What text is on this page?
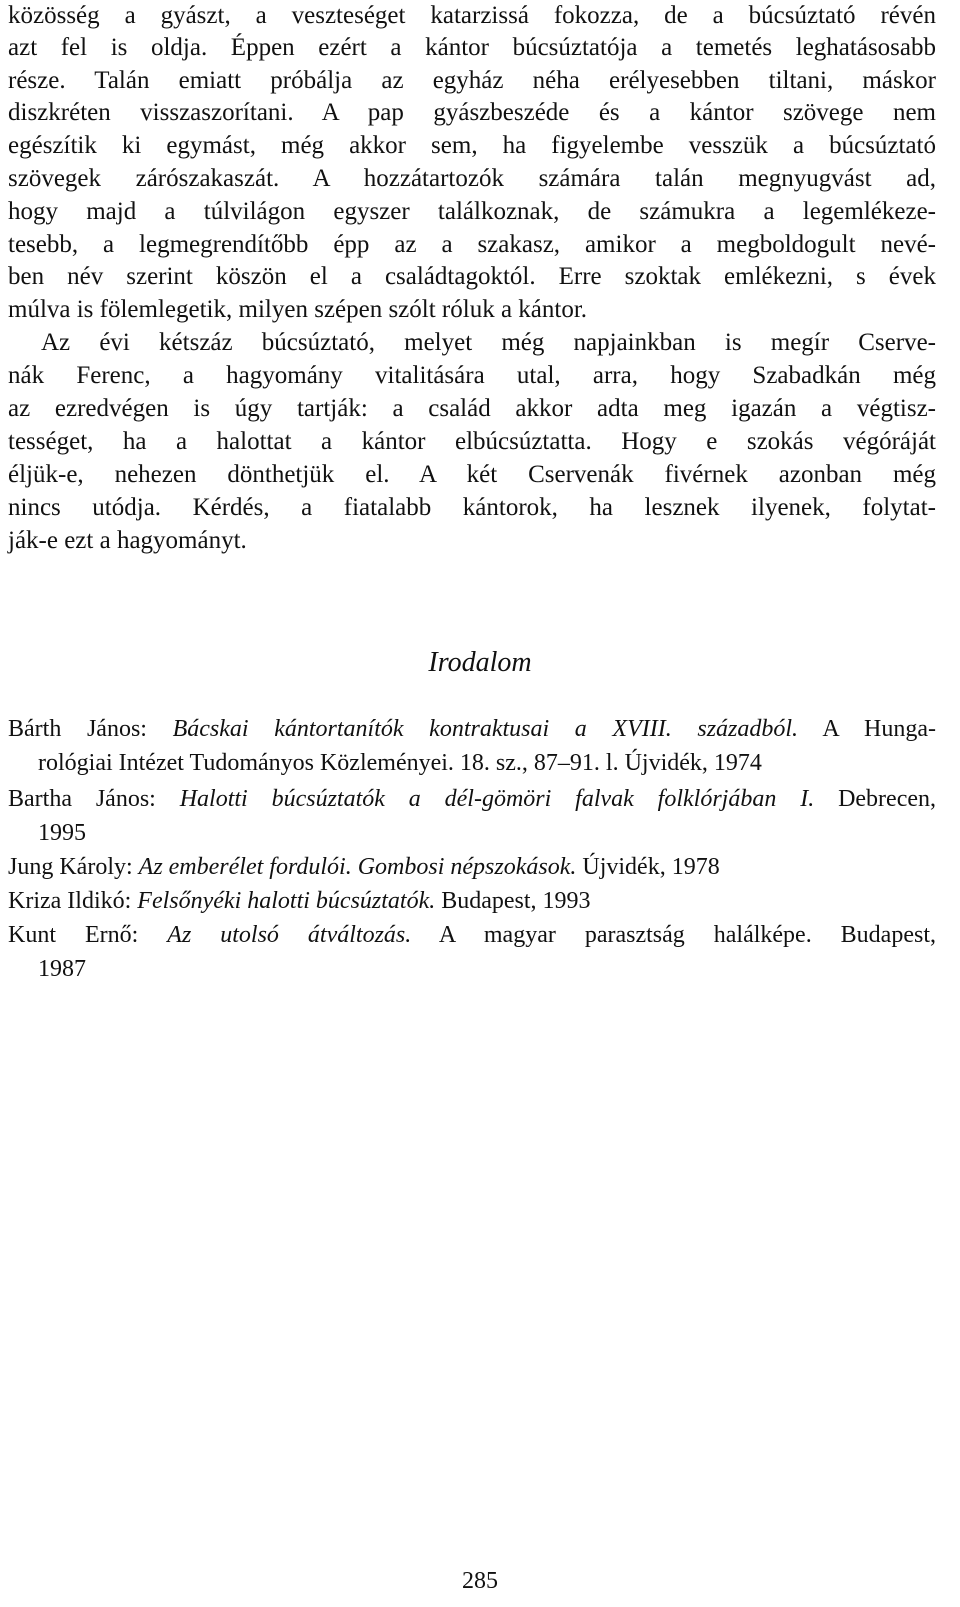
közösség a gyászt, a veszteséget katarzissá fokozza, de a búcsúztató révén
azt fel is oldja. Éppen ezért a kántor búcsúztatója a temetés leghatásosabb
része. Talán emiatt próbálja az egyház néha erélyesebben tiltani, máskor
diszkréten visszaszorítani. A pap gyászbeszéde és a kántor szövege nem
egészítik ki egymást, még akkor sem, ha figyelembe vesszük a búcsúztató
szövegek zárószakaszát. A hozzátartozók számára talán megnyugvást ad,
hogy majd a túlvilágon egyszer találkoznak, de számukra a legemlékeze-
tesebb, a legmegrendítőbb épp az a szakasz, amikor a megboldogult nevé-
ben név szerint köszön el a családtagoktól. Erre szoktak emlékezni, s évek
múlva is fölemlegetik, milyen szépen szólt róluk a kántor.
Az évi kétszáz búcsúztató, melyet még napjainkban is megír Cserve-
nák Ferenc, a hagyomány vitalitására utal, arra, hogy Szabadkán még
az ezredvégen is úgy tartják: a család akkor adta meg igazán a végtisz-
tességet, ha a halottat a kántor elbúcsúztatta. Hogy e szokás végóráját
éljük-e, nehezen dönthetjük el. A két Cservenák fivérnek azonban még
nincs utódja. Kérdés, a fiatalabb kántorok, ha lesznek ilyenek, folytat-
ják-e ezt a hagyományt.
Irodalom
Bárth János: Bácskai kántortanítók kontraktusai a XVIII. századból. A Hunga-
rológiai Intézet Tudományos Közleményei. 18. sz., 87–91. l. Újvidék, 1974
Bartha János: Halotti búcsúztatók a dél-gömöri falvak folklórjában I. Debrecen,
1995
Jung Károly: Az emberélet fordulói. Gombosi népszokások. Újvidék, 1978
Kriza Ildikó: Felsőnyéki halotti búcsúztatók. Budapest, 1993
Kunt Ernő: Az utolsó átváltozás. A magyar parasztság halálképe. Budapest,
1987
285
